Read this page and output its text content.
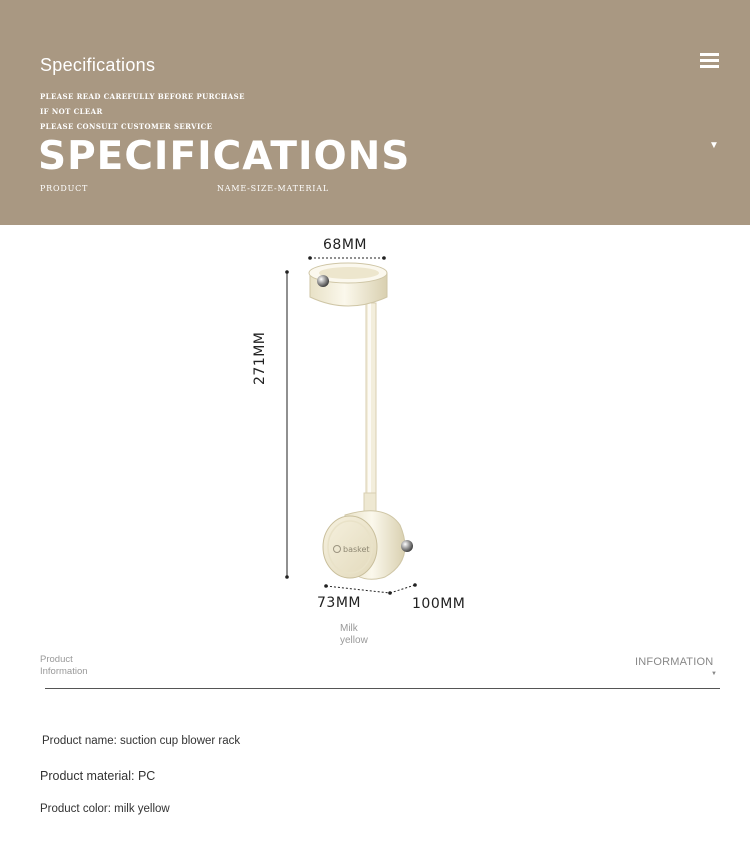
Specifications
PLEASE READ CAREFULLY BEFORE PURCHASE
IF NOT CLEAR
PLEASE CONSULT CUSTOMER SERVICE
SPECIFICATIONS
PRODUCT	NAME-SIZE-MATERIAL
▼
basket
68MM
271MM
73MM	100MM
Milk yellow
Product Information
INFORMATION
▼
Product name: suction cup blower rack
Product material: PC
Product color: milk yellow
